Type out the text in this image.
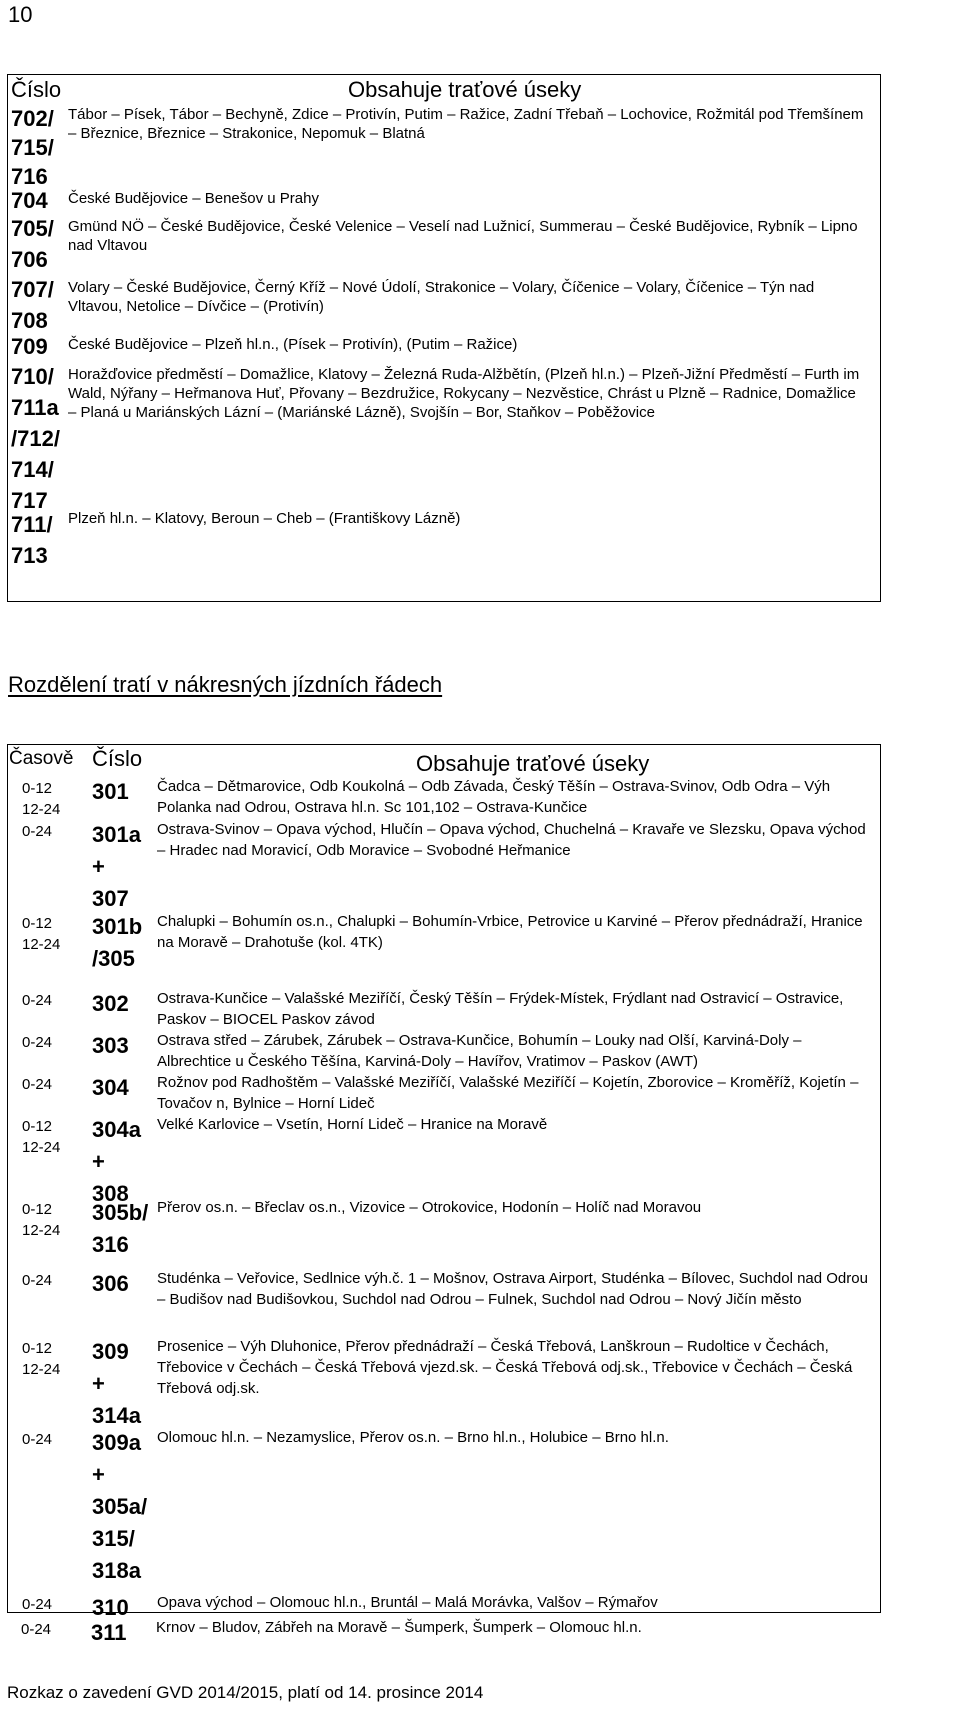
10
Číslo	Obsahuje traťové úseky
702/
715/
716
Tábor – Písek, Tábor – Bechyně, Zdice – Protivín, Putim – Ražice, Zadní Třebaň – Lochovice, Rožmitál pod Třemšínem – Březnice, Březnice – Strakonice, Nepomuk – Blatná
704 České Budějovice – Benešov u Prahy
705/
706
Gmünd NÖ – České Budějovice, České Velenice – Veselí nad Lužnicí, Summerau – České Budějovice, Rybník – Lipno nad Vltavou
707/
708
Volary – České Budějovice, Černý Kříž – Nové Údolí, Strakonice – Volary, Číčenice – Volary, Číčenice – Týn nad Vltavou, Netolice – Dívčice – (Protivín)
709 České Budějovice – Plzeň hl.n., (Písek – Protivín), (Putim – Ražice)
710/
711a
/712/
714/
717
Horažďovice předměstí – Domažlice, Klatovy – Železná Ruda-Alžbětín, (Plzeň hl.n.) – Plzeň-Jižní Předměstí – Furth im Wald, Nýřany – Heřmanova Huť, Přovany – Bezdružice, Rokycany – Nezvěstice, Chrást u Plzně – Radnice, Domažlice – Planá u Mariánských Lázní – (Mariánské Lázně), Svojšín – Bor, Staňkov – Poběžovice
711/
713
Plzeň hl.n. – Klatovy, Beroun – Cheb – (Františkovy Lázně)
Rozdělení tratí v nákresných jízdních řádech
Časově Číslo	Obsahuje traťové úseky
0-12
12-24
301 Čadca – Dětmarovice, Odb Koukolná – Odb Závada, Český Těšín – Ostrava-Svinov, Odb Odra – Výh Polanka nad Odrou, Ostrava hl.n. Sc 101,102 – Ostrava-Kunčice
0-24 301a
+
307
Ostrava-Svinov – Opava východ, Hlučín – Opava východ, Chuchelná – Kravaře ve Slezsku, Opava východ – Hradec nad Moravicí, Odb Moravice – Svobodné Heřmanice
0-12
12-24
301b
/305
Chalupki – Bohumín os.n., Chalupki – Bohumín-Vrbice, Petrovice u Karviné – Přerov přednádraží, Hranice na Moravě – Drahotuše (kol. 4TK)
0-24 302 Ostrava-Kunčice – Valašské Meziříčí, Český Těšín – Frýdek-Místek, Frýdlant nad Ostravicí – Ostravice, Paskov – BIOCEL Paskov závod
0-24 303 Ostrava střed – Zárubek, Zárubek – Ostrava-Kunčice, Bohumín – Louky nad Olší, Karviná-Doly – Albrechtice u Českého Těšína, Karviná-Doly – Havířov, Vratimov – Paskov (AWT)
0-24 304 Rožnov pod Radhoštěm – Valašské Meziříčí, Valašské Meziříčí – Kojetín, Zborovice – Kroměříž, Kojetín – Tovačov n, Bylnice – Horní Lideč
0-12
12-24
304a
+
308
Velké Karlovice – Vsetín, Horní Lideč – Hranice na Moravě
0-12
12-24
305b/
316
Přerov os.n. – Břeclav os.n., Vizovice – Otrokovice, Hodonín – Holíč nad Moravou
0-24 306 Studénka – Veřovice, Sedlnice výh.č. 1 – Mošnov, Ostrava Airport, Studénka – Bílovec, Suchdol nad Odrou – Budišov nad Budišovkou, Suchdol nad Odrou – Fulnek, Suchdol nad Odrou – Nový Jičín město
0-12
12-24
309
+
314a
Prosenice – Výh Dluhonice, Přerov přednádraží – Česká Třebová, Lanškroun – Rudoltice v Čechách, Třebovice v Čechách – Česká Třebová vjezd.sk. – Česká Třebová odj.sk., Třebovice v Čechách – Česká Třebová odj.sk.
0-24 309a
+
305a/
315/
318a
Olomouc hl.n. – Nezamyslice, Přerov os.n. – Brno hl.n., Holubice – Brno hl.n.
0-24 310 Opava východ – Olomouc hl.n., Bruntál – Malá Morávka, Valšov – Rýmařov
0-24 311 Krnov – Bludov, Zábřeh na Moravě – Šumperk, Šumperk – Olomouc hl.n.
Rozkaz o zavedení GVD 2014/2015, platí od 14. prosince 2014
